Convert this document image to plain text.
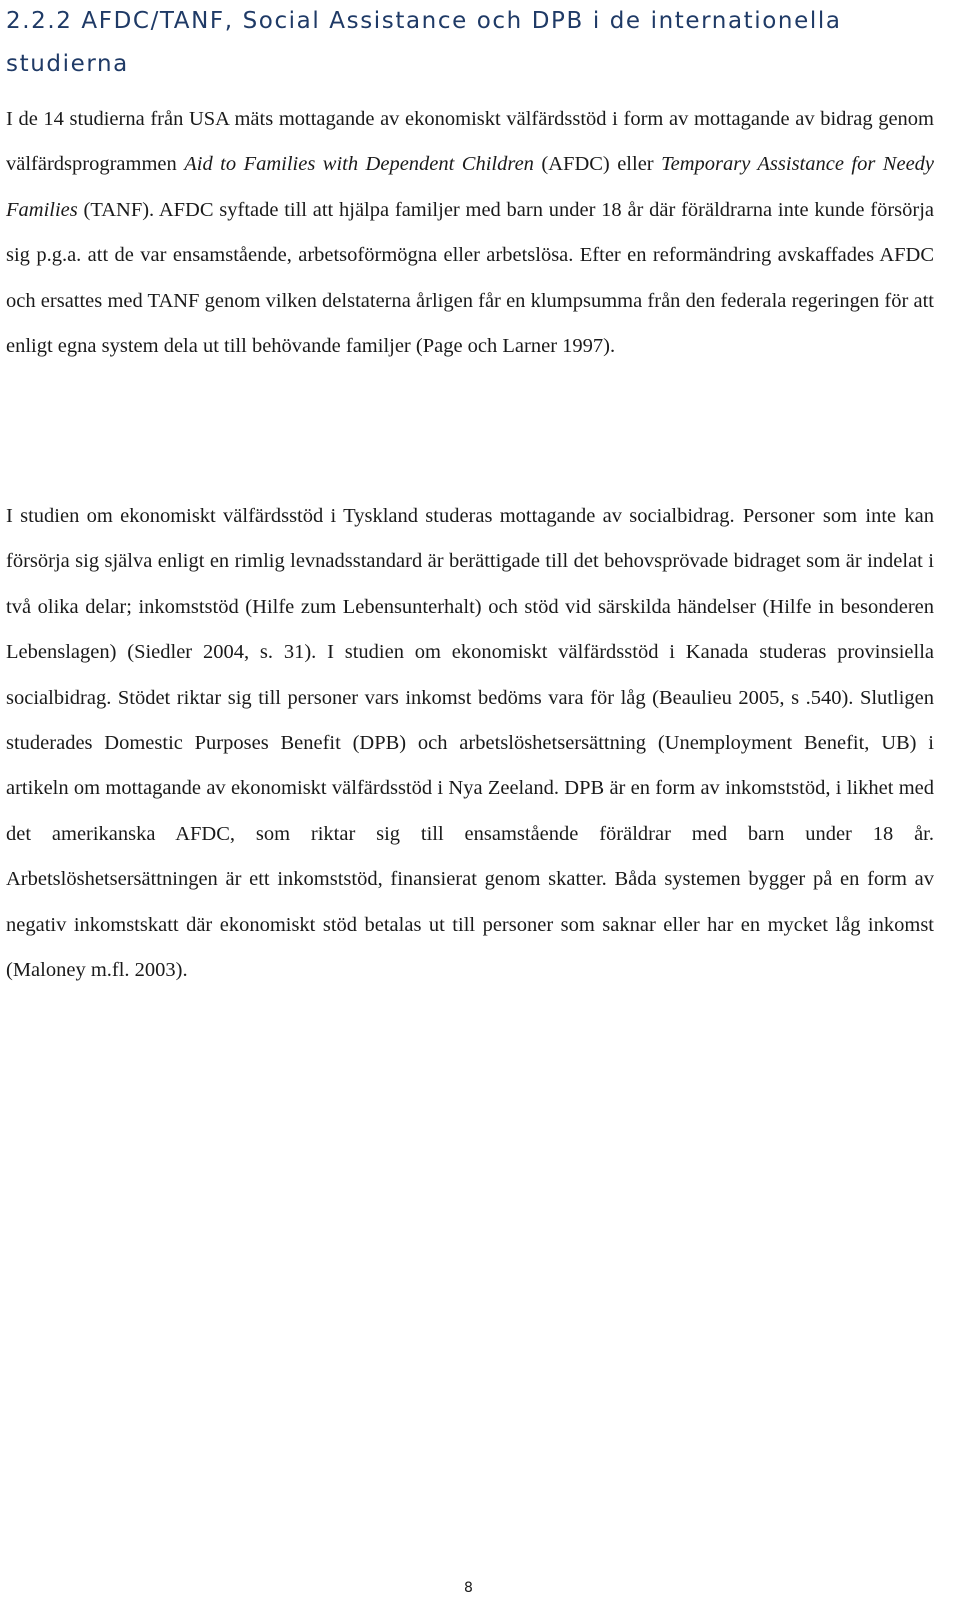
2.2.2 AFDC/TANF, Social Assistance och DPB i de internationella studierna

I de 14 studierna från USA mäts mottagande av ekonomiskt välfärdsstöd i form av mottagande av bidrag genom välfärdsprogrammen Aid to Families with Dependent Children (AFDC) eller Temporary Assistance for Needy Families (TANF). AFDC syftade till att hjälpa familjer med barn under 18 år där föräldrarna inte kunde försörja sig p.g.a. att de var ensamstående, arbetsoförmögna eller arbetslösa. Efter en reformändring avskaffades AFDC och ersattes med TANF genom vilken delstaterna årligen får en klumpsumma från den federala regeringen för att enligt egna system dela ut till behövande familjer (Page och Larner 1997).

I studien om ekonomiskt välfärdsstöd i Tyskland studeras mottagande av socialbidrag. Personer som inte kan försörja sig själva enligt en rimlig levnadsstandard är berättigade till det behovsprövade bidraget som är indelat i två olika delar; inkomststöd (Hilfe zum Lebensunterhalt) och stöd vid särskilda händelser (Hilfe in besonderen Lebenslagen) (Siedler 2004, s. 31). I studien om ekonomiskt välfärdsstöd i Kanada studeras provinsiella socialbidrag. Stödet riktar sig till personer vars inkomst bedöms vara för låg (Beaulieu 2005, s .540). Slutligen studerades Domestic Purposes Benefit (DPB) och arbetslöshetsersättning (Unemployment Benefit, UB) i artikeln om mottagande av ekonomiskt välfärdsstöd i Nya Zeeland. DPB är en form av inkomststöd, i likhet med det amerikanska AFDC, som riktar sig till ensamstående föräldrar med barn under 18 år. Arbetslöshetsersättningen är ett inkomststöd, finansierat genom skatter. Båda systemen bygger på en form av negativ inkomstskatt där ekonomiskt stöd betalas ut till personer som saknar eller har en mycket låg inkomst (Maloney m.fl. 2003).

8
